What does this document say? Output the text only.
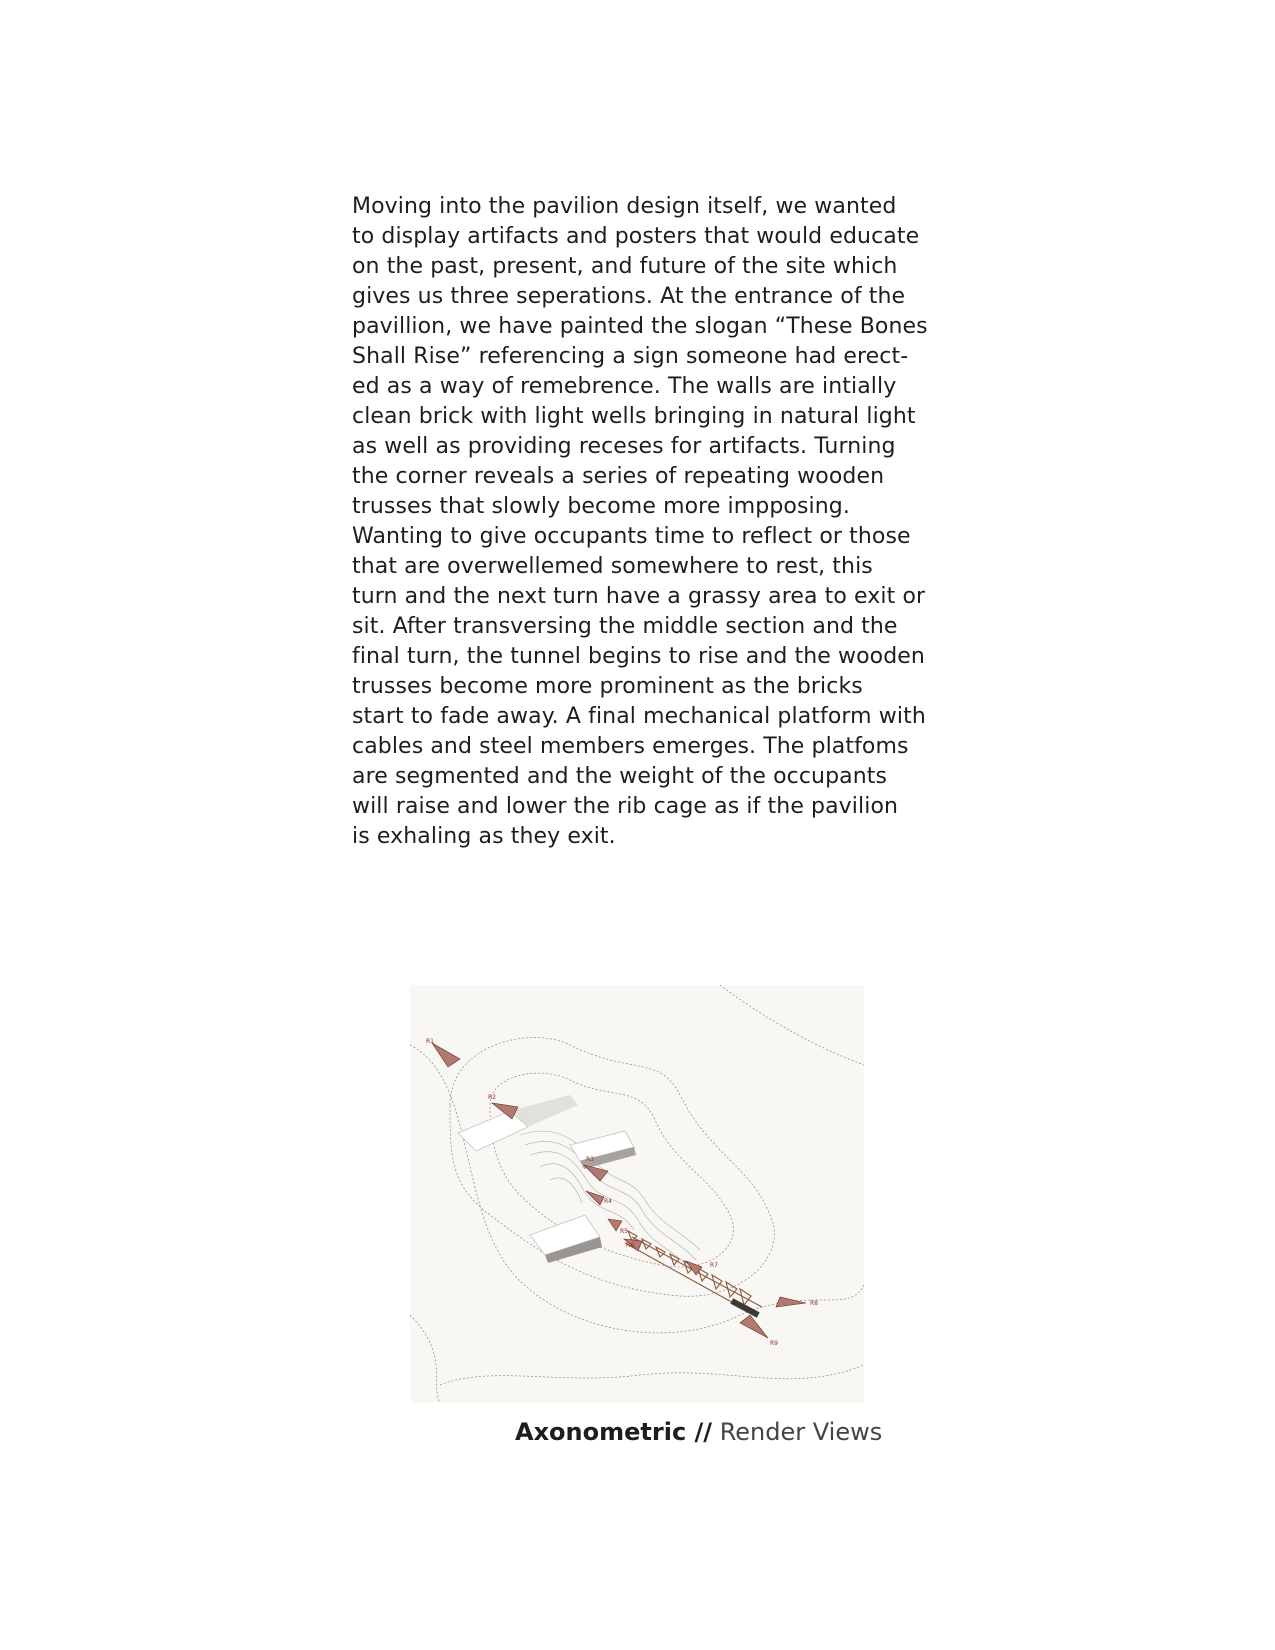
Moving into the pavilion design itself, we wanted
to display artifacts and posters that would educate
on the past, present, and future of the site which
gives us three seperations. At the entrance of the
pavillion, we have painted the slogan “These Bones
Shall Rise” referencing a sign someone had erect-
ed as a way of remebrence. The walls are intially
clean brick with light wells bringing in natural light
as well as providing receses for artifacts. Turning
the corner reveals a series of repeating wooden
trusses that slowly become more impposing.
Wanting to give occupants time to reflect or those
that are overwellemed somewhere to rest, this
turn and the next turn have a grassy area to exit or
sit. After transversing the middle section and the
final turn, the tunnel begins to rise and the wooden
trusses become more prominent as the bricks
start to fade away. A final mechanical platform with
cables and steel members emerges. The platfoms
are segmented and the weight of the occupants
will raise and lower the rib cage as if the pavilion
is exhaling as they exit.
R1
R2
R3
R4
R5
R6
R7
R8
R9
Axonometric // Render Views
